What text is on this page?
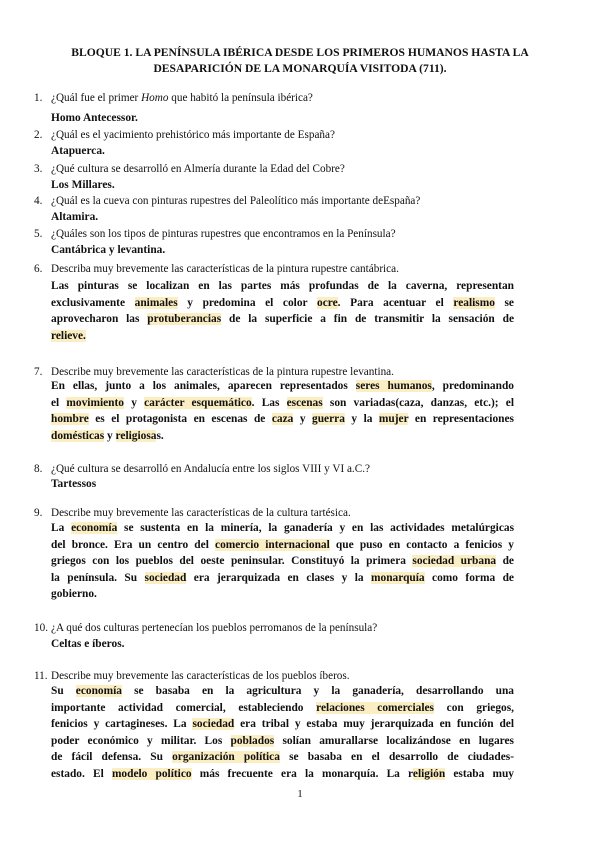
BLOQUE 1. LA PENÍNSULA IBÉRICA DESDE LOS PRIMEROS HUMANOS HASTA LA
DESAPARICIÓN DE LA MONARQUÍA VISITODA (711).
1. ¿Quál fue el primer Homo que habitó la península ibérica?
Homo Antecessor.
2. ¿Quál es el yacimiento prehistórico más importante de España?
Atapuerca.
3. ¿Qué cultura se desarrolló en Almería durante la Edad del Cobre?
Los Millares.
4. ¿Quál es la cueva con pinturas rupestres del Paleolítico más importante deEspaña?
Altamira.
5. ¿Quáles son los tipos de pinturas rupestres que encontramos en la Península?
Cantábrica y levantina.
6. Describa muy brevemente las características de la pintura rupestre cantábrica.
Las pinturas se localizan en las partes más profundas de la caverna, representan
exclusivamente animales y predomina el color ocre. Para acentuar el realismo se
aprovecharon las protuberancias de la superficie a fin de transmitir la sensación de
relieve.
7. Describe muy brevemente las características de la pintura rupestre levantina.
En ellas, junto a los animales, aparecen representados seres humanos, predominando
el movimiento y carácter esquemático. Las escenas son variadas(caza, danzas, etc.); el
hombre es el protagonista en escenas de caza y guerra y la mujer en representaciones
domésticas y religiosas.
8. ¿Qué cultura se desarrolló en Andalucía entre los siglos VIII y VI a.C.?
Tartessos
9. Describe muy brevemente las características de la cultura tartésica.
La economía se sustenta en la minería, la ganadería y en las actividades metalúrgicas
del bronce. Era un centro del comercio internacional que puso en contacto a fenicios y
griegos con los pueblos del oeste peninsular. Constituyó la primera sociedad urbana de
la península. Su sociedad era jerarquizada en clases y la monarquía como forma de
gobierno.
10. ¿A qué dos culturas pertenecían los pueblos perromanos de la península?
Celtas e íberos.
11. Describe muy brevemente las características de los pueblos íberos.
Su economía se basaba en la agricultura y la ganadería, desarrollando una
importante actividad comercial, estableciendo relaciones comerciales con griegos,
fenicios y cartagineses. La sociedad era tribal y estaba muy jerarquizada en función del
poder económico y militar. Los poblados solían amurallarse localizándose en lugares
de fácil defensa. Su organización política se basaba en el desarrollo de ciudades-
estado. El modelo político más frecuente era la monarquía. La religión estaba muy
1
